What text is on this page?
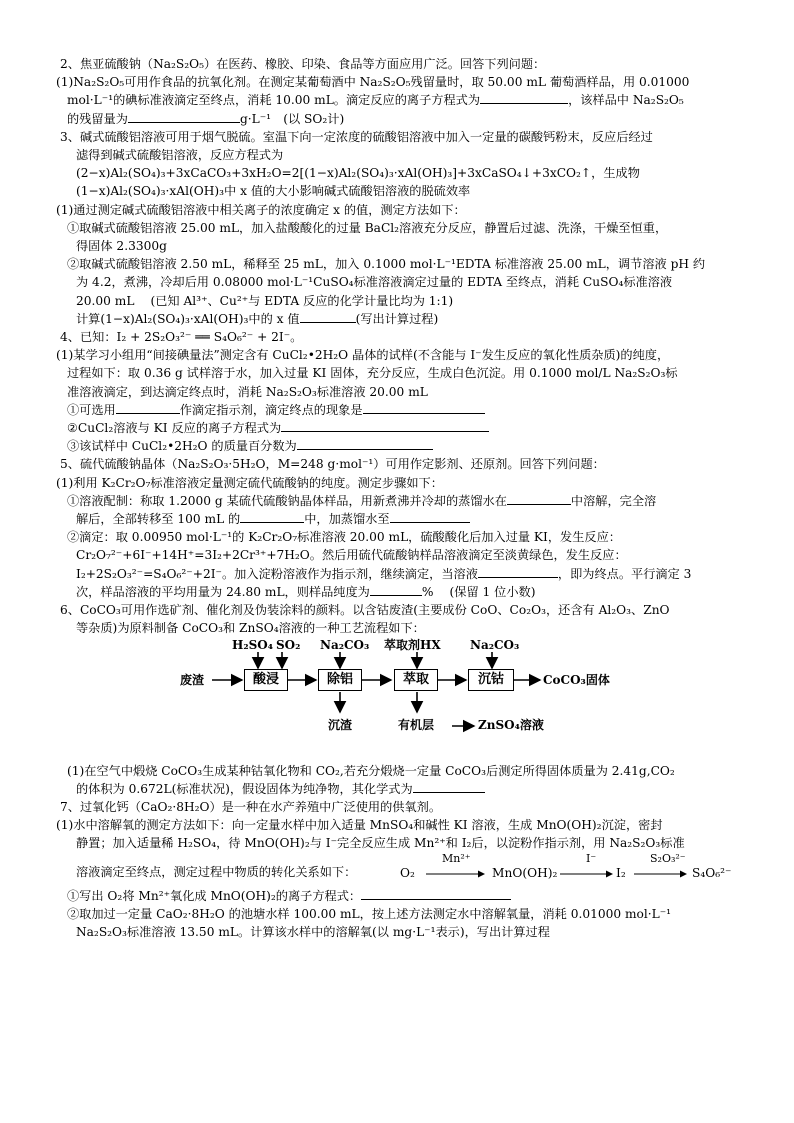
2、焦亚硫酸钠（Na₂S₂O₅）在医药、橡胶、印染、食品等方面应用广泛。回答下列问题：
(1)Na₂S₂O₅可用作食品的抗氧化剂。在测定某葡萄酒中 Na₂S₂O₅残留量时，取 50.00 mL 葡萄酒样品，用 0.01000
mol·L⁻¹的碘标准液滴定至终点，消耗 10.00 mL。滴定反应的离子方程式为	，该样品中 Na₂S₂O₅
的残留量为	g·L⁻¹　(以 SO₂计)
3、碱式硫酸铝溶液可用于烟气脱硫。室温下向一定浓度的硫酸铝溶液中加入一定量的碳酸钙粉末，反应后经过
滤得到碱式硫酸铝溶液，反应方程式为
(2−x)Al₂(SO₄)₃+3xCaCO₃+3xH₂O=2[(1−x)Al₂(SO₄)₃·xAl(OH)₃]+3xCaSO₄↓+3xCO₂↑，生成物
(1−x)Al₂(SO₄)₃·xAl(OH)₃中 x 值的大小影响碱式硫酸铝溶液的脱硫效率
(1)通过测定碱式硫酸铝溶液中相关离子的浓度确定 x 的值，测定方法如下：
①取碱式硫酸铝溶液 25.00 mL，加入盐酸酸化的过量 BaCl₂溶液充分反应，静置后过滤、洗涤，干燥至恒重，
得固体 2.3300g
②取碱式硫酸铝溶液 2.50 mL，稀释至 25 mL，加入 0.1000 mol·L⁻¹EDTA 标准溶液 25.00 mL，调节溶液 pH 约
为 4.2，煮沸，冷却后用 0.08000 mol·L⁻¹CuSO₄标准溶液滴定过量的 EDTA 至终点，消耗 CuSO₄标准溶液
20.00 mL　 (已知 Al³⁺、Cu²⁺与 EDTA 反应的化学计量比均为 1:1)
计算(1−x)Al₂(SO₄)₃·xAl(OH)₃中的 x 值	(写出计算过程)
4、已知：I₂ + 2S₂O₃²⁻ ══ S₄O₆²⁻ + 2I⁻。
(1)某学习小组用“间接碘量法”测定含有 CuCl₂•2H₂O 晶体的试样(不含能与 I⁻发生反应的氧化性质杂质)的纯度，
过程如下：取 0.36 g 试样溶于水，加入过量 KI 固体，充分反应，生成白色沉淀。用 0.1000 mol/L Na₂S₂O₃标
准溶液滴定，到达滴定终点时，消耗 Na₂S₂O₃标准溶液 20.00 mL
①可选用	作滴定指示剂，滴定终点的现象是
②CuCl₂溶液与 KI 反应的离子方程式为
③该试样中 CuCl₂•2H₂O 的质量百分数为
5、硫代硫酸钠晶体（Na₂S₂O₃·5H₂O，M=248 g·mol⁻¹）可用作定影剂、还原剂。回答下列问题：
(1)利用 K₂Cr₂O₇标准溶液定量测定硫代硫酸钠的纯度。测定步骤如下：
①溶液配制：称取 1.2000 g 某硫代硫酸钠晶体样品，用新煮沸并冷却的蒸馏水在	中溶解，完全溶
解后，全部转移至 100 mL 的	中，加蒸馏水至
②滴定：取 0.00950 mol·L⁻¹的 K₂Cr₂O₇标准溶液 20.00 mL，硫酸酸化后加入过量 KI，发生反应：
Cr₂O₇²⁻+6I⁻+14H⁺=3I₂+2Cr³⁺+7H₂O。然后用硫代硫酸钠样品溶液滴定至淡黄绿色，发生反应：
I₂+2S₂O₃²⁻=S₄O₆²⁻+2I⁻。加入淀粉溶液作为指示剂，继续滴定，当溶液	，即为终点。平行滴定 3
次，样品溶液的平均用量为 24.80 mL，则样品纯度为	%　 (保留 1 位小数)
6、CoCO₃可用作选矿剂、催化剂及伪装涂料的颜料。以含钴废渣(主要成份 CoO、Co₂O₃，还含有 Al₂O₃、ZnO
等杂质)为原料制备 CoCO₃和 ZnSO₄溶液的一种工艺流程如下：
废渣	酸浸	除铝	萃取	沉钴
H₂SO₄ SO₂ Na₂CO₃ 萃取剂HX Na₂CO₃
沉渣	有机层	ZnSO₄溶液
CoCO₃固体
(1)在空气中煅烧 CoCO₃生成某种钴氧化物和 CO₂,若充分煅烧一定量 CoCO₃后测定所得固体质量为 2.41g,CO₂
的体积为 0.672L(标准状况)，假设固体为纯净物，其化学式为
7、过氧化钙（CaO₂·8H₂O）是一种在水产养殖中广泛使用的供氧剂。
(1)水中溶解氧的测定方法如下：向一定量水样中加入适量 MnSO₄和碱性 KI 溶液，生成 MnO(OH)₂沉淀，密封
静置；加入适量稀 H₂SO₄，待 MnO(OH)₂与 I⁻完全反应生成 Mn²⁺和 I₂后，以淀粉作指示剂，用 Na₂S₂O₃标准
溶液滴定至终点，测定过程中物质的转化关系如下：	O₂
Mn²⁺
MnO(OH)₂
I⁻
I₂
S₂O₃²⁻
S₄O₆²⁻
①写出 O₂将 Mn²⁺氧化成 MnO(OH)₂的离子方程式：
②取加过一定量 CaO₂·8H₂O 的池塘水样 100.00 mL，按上述方法测定水中溶解氧量，消耗 0.01000 mol·L⁻¹
Na₂S₂O₃标准溶液 13.50 mL。计算该水样中的溶解氧(以 mg·L⁻¹表示)，写出计算过程
